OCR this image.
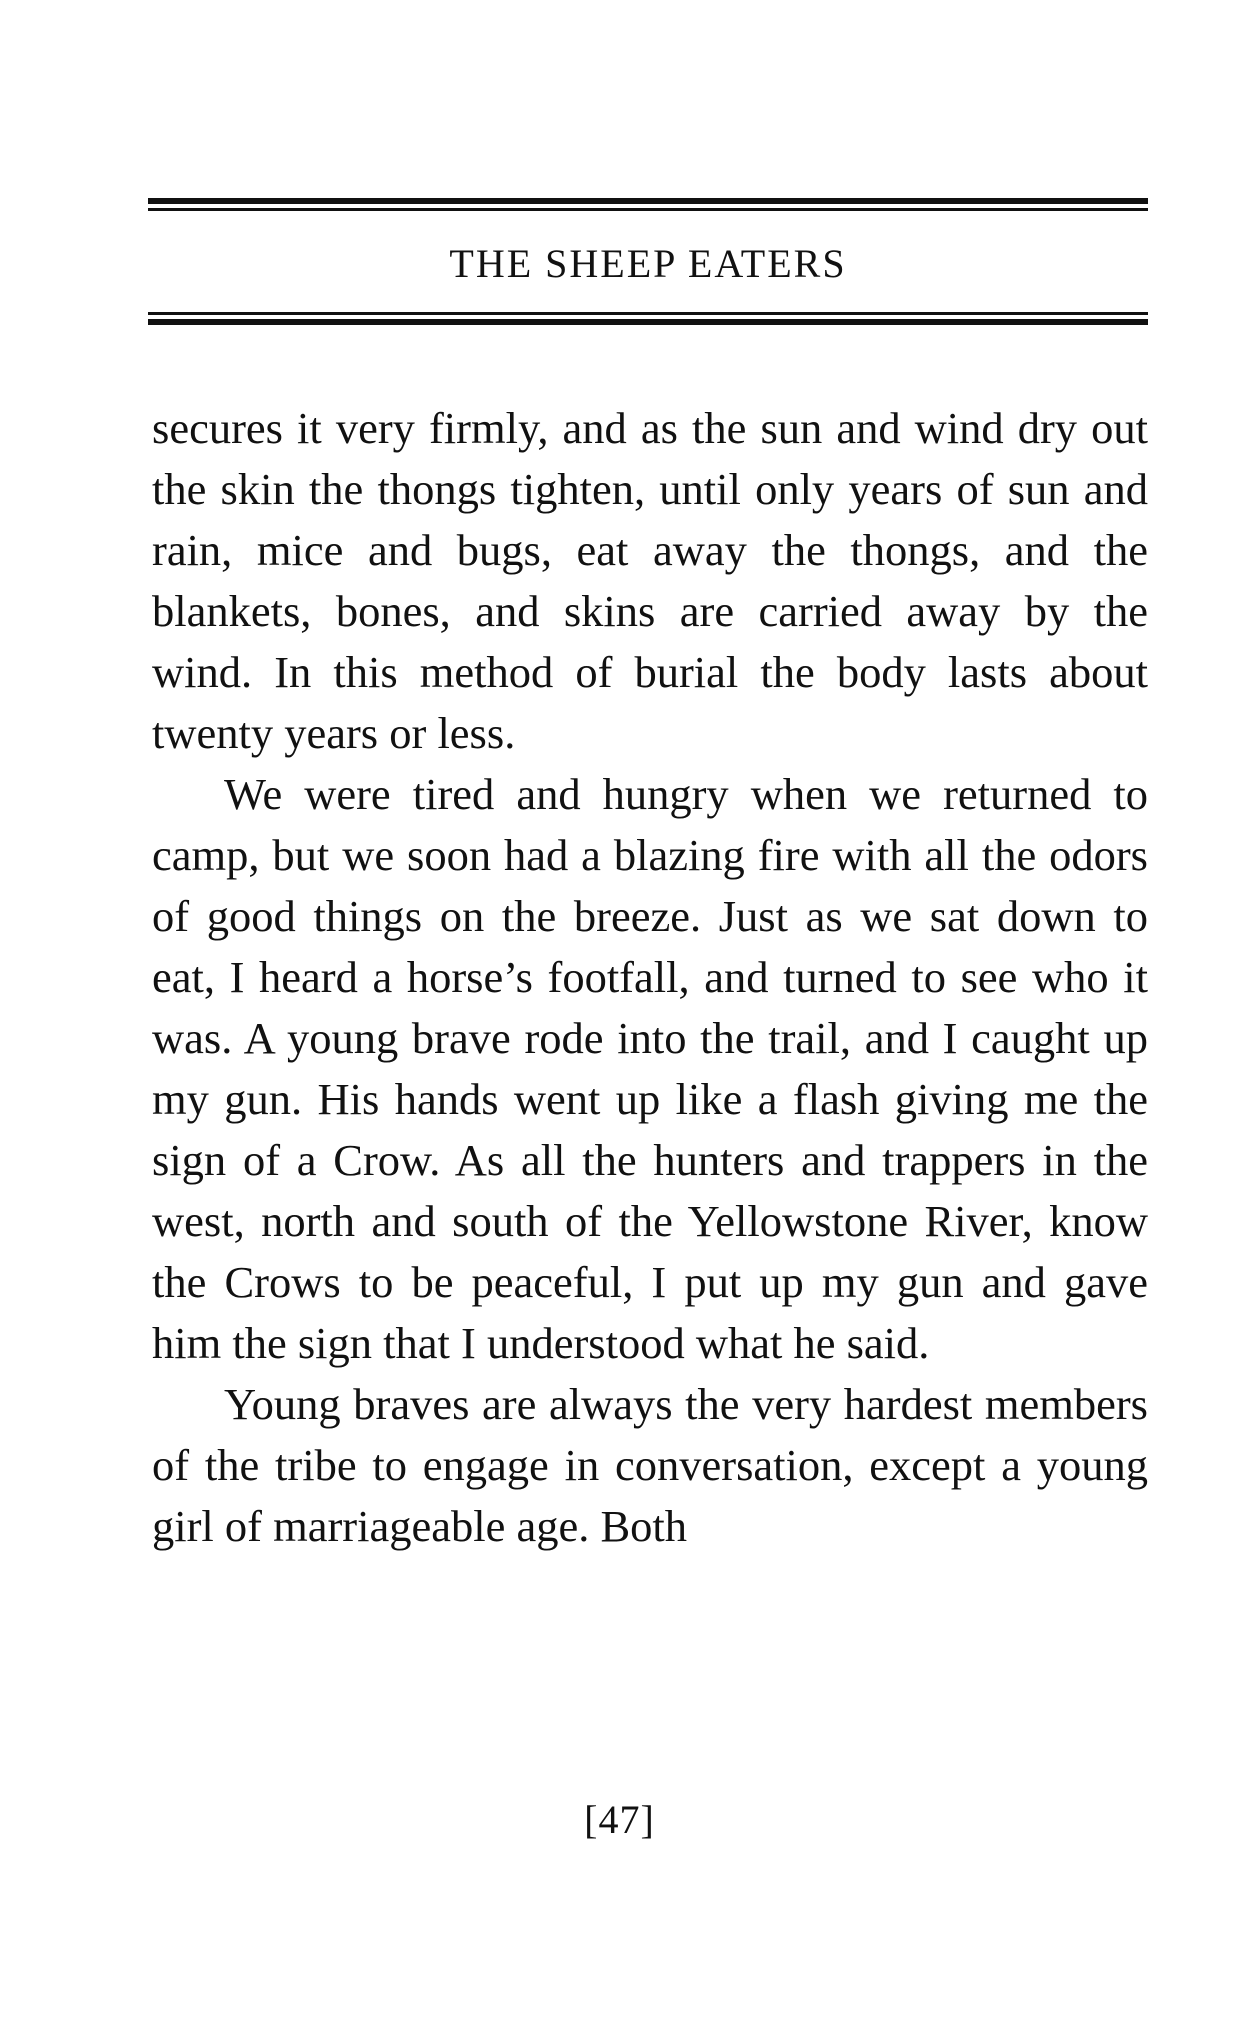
THE SHEEP EATERS

secures it very firmly, and as the sun and wind dry out the skin the thongs tighten, until only years of sun and rain, mice and bugs, eat away the thongs, and the blankets, bones, and skins are carried away by the wind. In this method of burial the body lasts about twenty years or less.

We were tired and hungry when we returned to camp, but we soon had a blazing fire with all the odors of good things on the breeze. Just as we sat down to eat, I heard a horse’s footfall, and turned to see who it was. A young brave rode into the trail, and I caught up my gun. His hands went up like a flash giving me the sign of a Crow. As all the hunters and trappers in the west, north and south of the Yellowstone River, know the Crows to be peaceful, I put up my gun and gave him the sign that I understood what he said.

Young braves are always the very hardest members of the tribe to engage in conversation, except a young girl of marriageable age. Both

[47]
